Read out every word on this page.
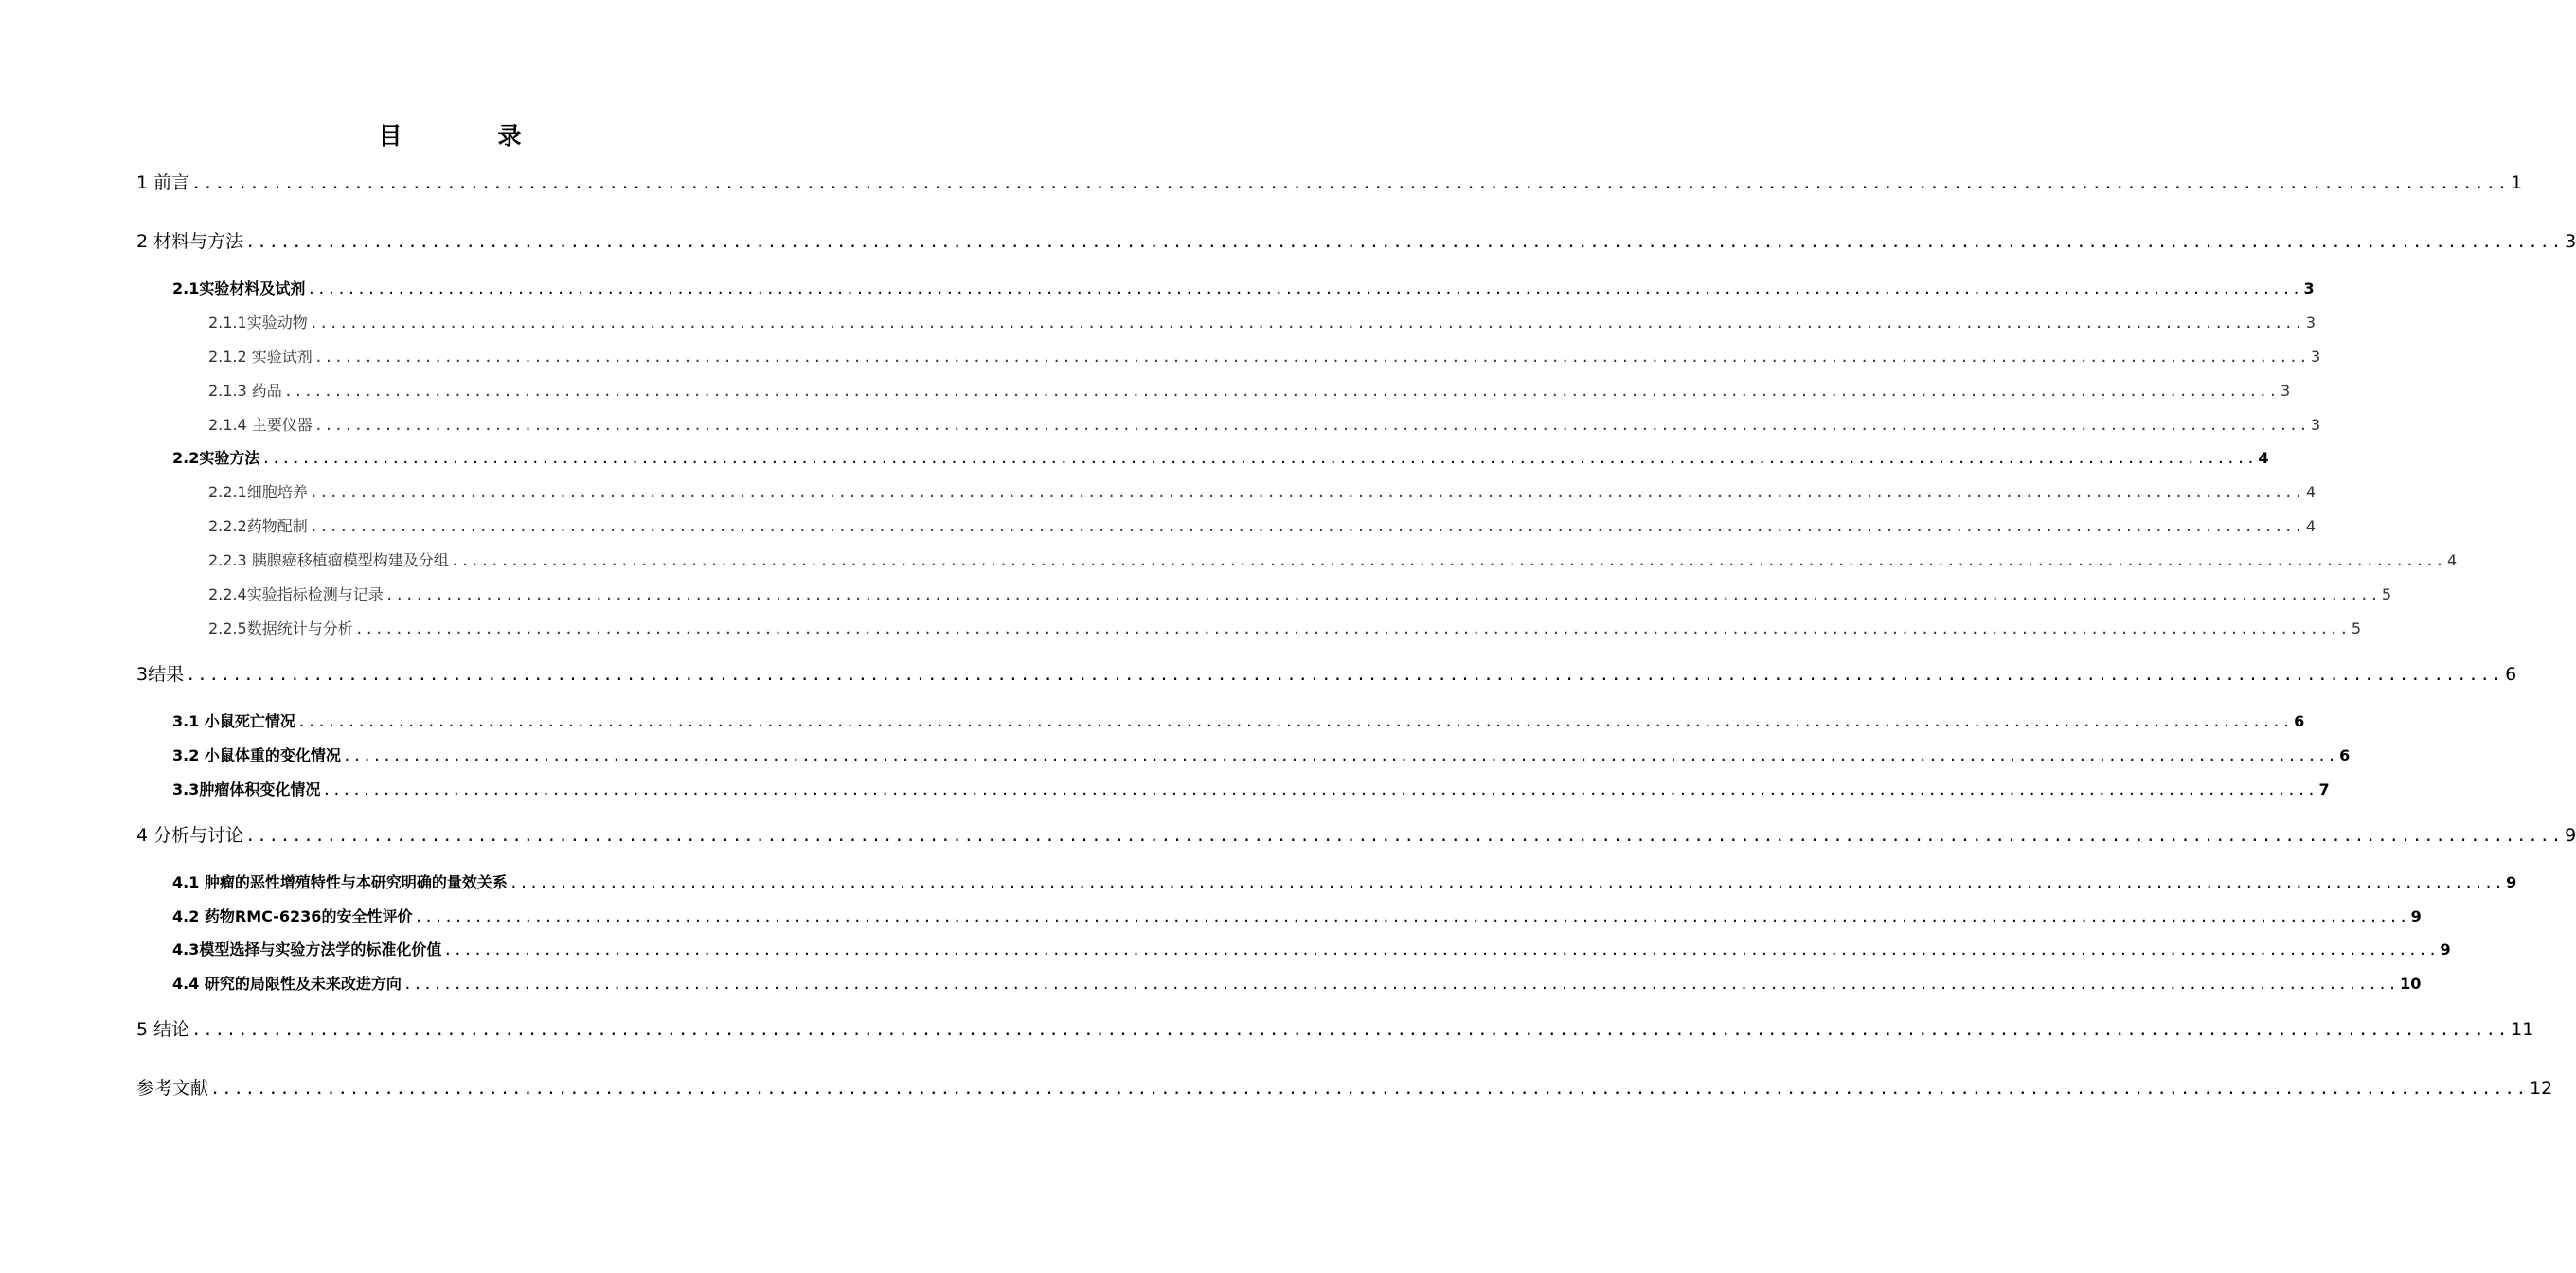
目　录
1 前言 ........................................................................................................................................................................................................ 1
2 材料与方法 ........................................................................................................................................................................................................ 3
2.1实验材料及试剂 ........................................................................................................................................................................................................ 3
2.1.1实验动物 ........................................................................................................................................................................................................ 3
2.1.2 实验试剂 ........................................................................................................................................................................................................ 3
2.1.3 药品 ........................................................................................................................................................................................................ 3
2.1.4 主要仪器 ........................................................................................................................................................................................................ 3
2.2实验方法 ........................................................................................................................................................................................................ 4
2.2.1细胞培养 ........................................................................................................................................................................................................ 4
2.2.2药物配制 ........................................................................................................................................................................................................ 4
2.2.3 胰腺癌移植瘤模型构建及分组 ........................................................................................................................................................................................................ 4
2.2.4实验指标检测与记录 ........................................................................................................................................................................................................ 5
2.2.5数据统计与分析 ........................................................................................................................................................................................................ 5
3结果 ........................................................................................................................................................................................................ 6
3.1 小鼠死亡情况 ........................................................................................................................................................................................................ 6
3.2 小鼠体重的变化情况 ........................................................................................................................................................................................................ 6
3.3肿瘤体积变化情况 ........................................................................................................................................................................................................ 7
4 分析与讨论 ........................................................................................................................................................................................................ 9
4.1 肿瘤的恶性增殖特性与本研究明确的量效关系 ........................................................................................................................................................................................................ 9
4.2 药物RMC-6236的安全性评价 ........................................................................................................................................................................................................ 9
4.3模型选择与实验方法学的标准化价值 ........................................................................................................................................................................................................ 9
4.4 研究的局限性及未来改进方向 ........................................................................................................................................................................................................ 10
5 结论 ........................................................................................................................................................................................................ 11
参考文献 ........................................................................................................................................................................................................ 12
